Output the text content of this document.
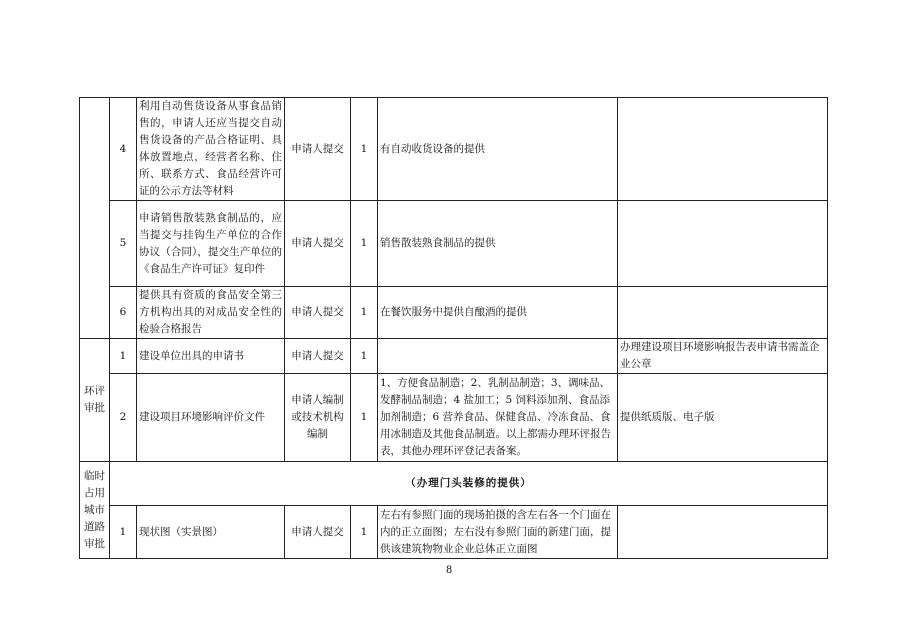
	4	利用自动售货设备从事食品销售的，申请人还应当提交自动售货设备的产品合格证明、具体放置地点，经营者名称、住所、联系方式、食品经营许可证的公示方法等材料	申请人提交	1	有自动收货设备的提供	
	5	申请销售散装熟食制品的，应当提交与挂钩生产单位的合作协议（合同），提交生产单位的《食品生产许可证》复印件	申请人提交	1	销售散装熟食制品的提供	
	6	提供具有资质的食品安全第三方机构出具的对成品安全性的检验合格报告	申请人提交	1	在餐饮服务中提供自酿酒的提供	
环评审批	1	建设单位出具的申请书	申请人提交	1		办理建设项目环境影响报告表申请书需盖企业公章
	2	建设项目环境影响评价文件	申请人编制或技术机构编制	1	1、方便食品制造；2、乳制品制造；3、调味品、发酵制品制造；4 盐加工；5 饲料添加剂、食品添加剂制造；6 营养食品、保健食品、冷冻食品、食用冰制造及其他食品制造。以上都需办理环评报告表，其他办理环评登记表备案。	提供纸质版、电子版
临时占用城市道路审批	（办理门头装修的提供）					
	1	现状图（实景图）	申请人提交	1	左右有参照门面的现场拍摄的含左右各一个门面在内的正立面图；左右没有参照门面的新建门面，提供该建筑物物业企业总体正立面图	
8
